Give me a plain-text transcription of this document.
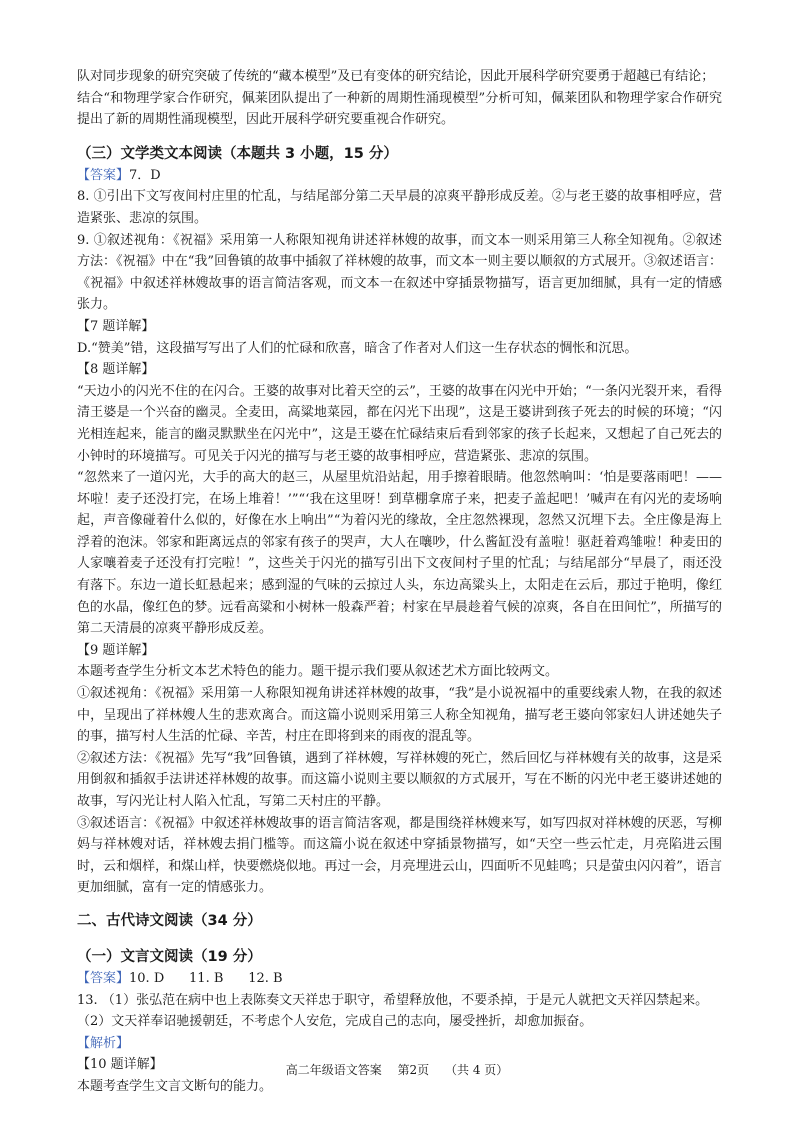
队对同步现象的研究突破了传统的“藏本模型”及已有变体的研究结论，因此开展科学研究要勇于超越已有结论；

结合“和物理学家合作研究，佩莱团队提出了一种新的周期性涌现模型”分析可知，佩莱团队和物理学家合作研究提出了新的周期性涌现模型，因此开展科学研究要重视合作研究。

（三）文学类文本阅读（本题共 3 小题，15 分）

【答案】7．D

8. ①引出下文写夜间村庄里的忙乱，与结尾部分第二天早晨的凉爽平静形成反差。②与老王婆的故事相呼应，营造紧张、悲凉的氛围。

9. ①叙述视角：《祝福》采用第一人称限知视角讲述祥林嫂的故事，而文本一则采用第三人称全知视角。②叙述方法：《祝福》中在“我”回鲁镇的故事中插叙了祥林嫂的故事，而文本一则主要以顺叙的方式展开。③叙述语言：《祝福》中叙述祥林嫂故事的语言简洁客观，而文本一在叙述中穿插景物描写，语言更加细腻，具有一定的情感张力。

【7 题详解】

D.“赞美”错，这段描写写出了人们的忙碌和欣喜，暗含了作者对人们这一生存状态的惆怅和沉思。

【8 题详解】

“天边小的闪光不住的在闪合。王婆的故事对比着天空的云”，王婆的故事在闪光中开始；“一条闪光裂开来，看得清王婆是一个兴奋的幽灵。全麦田，高粱地菜园，都在闪光下出现”，这是王婆讲到孩子死去的时候的环境；“闪光相连起来，能言的幽灵默默坐在闪光中”，这是王婆在忙碌结束后看到邻家的孩子长起来，又想起了自己死去的小钟时的环境描写。可见关于闪光的描写与老王婆的故事相呼应，营造紧张、悲凉的氛围。

“忽然来了一道闪光，大手的高大的赵三，从屋里炕沿站起，用手擦着眼睛。他忽然响叫：‘怕是要落雨吧！——坏啦！麦子还没打完，在场上堆着！’”“‘我在这里呀！到草棚拿席子来，把麦子盖起吧！’喊声在有闪光的麦场响起，声音像碰着什么似的，好像在水上响出”“为着闪光的缘故，全庄忽然裸现，忽然又沉埋下去。全庄像是海上浮着的泡沫。邻家和距离远点的邻家有孩子的哭声，大人在嚷吵，什么酱缸没有盖啦！驱赶着鸡雏啦！种麦田的人家嚷着麦子还没有打完啦！”，这些关于闪光的描写引出下文夜间村子里的忙乱；与结尾部分“早晨了，雨还没有落下。东边一道长虹悬起来；感到湿的气味的云掠过人头，东边高粱头上，太阳走在云后，那过于艳明，像红色的水晶，像红色的梦。远看高粱和小树林一般森严着；村家在早晨趁着气候的凉爽，各自在田间忙”，所描写的第二天清晨的凉爽平静形成反差。

【9 题详解】

本题考查学生分析文本艺术特色的能力。题干提示我们要从叙述艺术方面比较两文。

①叙述视角：《祝福》采用第一人称限知视角讲述祥林嫂的故事，“我”是小说祝福中的重要线索人物，在我的叙述中，呈现出了祥林嫂人生的悲欢离合。而这篇小说则采用第三人称全知视角，描写老王婆向邻家妇人讲述她失子的事，描写村人生活的忙碌、辛苦，村庄在即将到来的雨夜的混乱等。

②叙述方法：《祝福》先写“我”回鲁镇，遇到了祥林嫂，写祥林嫂的死亡，然后回忆与祥林嫂有关的故事，这是采用倒叙和插叙手法讲述祥林嫂的故事。而这篇小说则主要以顺叙的方式展开，写在不断的闪光中老王婆讲述她的故事，写闪光让村人陷入忙乱，写第二天村庄的平静。

③叙述语言：《祝福》中叙述祥林嫂故事的语言简洁客观，都是围绕祥林嫂来写，如写四叔对祥林嫂的厌恶，写柳妈与祥林嫂对话，祥林嫂去捐门槛等。而这篇小说在叙述中穿插景物描写，如“天空一些云忙走，月亮陷进云围时，云和烟样，和煤山样，快要燃烧似地。再过一会，月亮埋进云山，四面听不见蛙鸣；只是萤虫闪闪着”，语言更加细腻，富有一定的情感张力。

二、古代诗文阅读（34 分）
（一）文言文阅读（19 分）

【答案】10. D      11. B      12. B

13. （1）张弘范在病中也上表陈奏文天祥忠于职守，希望释放他，不要杀掉，于是元人就把文天祥囚禁起来。

（2）文天祥奉诏驰援朝廷，不考虑个人安危，完成自己的志向，屡受挫折，却愈加振奋。

【解析】

【10 题详解】

本题考查学生文言文断句的能力。

高二年级语文答案 第2页 （共 4 页）
